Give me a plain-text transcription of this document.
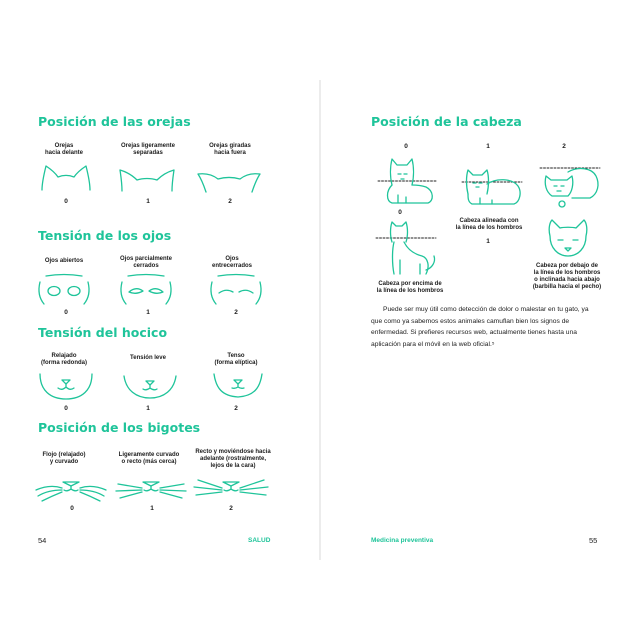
Posición de las orejas
Orejas
hacia delante
Orejas ligeramente
separadas
Orejas giradas
hacia fuera
0	1	2
Tensión de los ojos
Ojos abiertos	Ojos parcialmente
cerrados
Ojos
entrecerrados
0	1	2
Tensión del hocico
Relajado
(forma redonda)
Tensión leve	Tenso
(forma elíptica)
0	1	2
Posición de los bigotes
Flojo (relajado)
y curvado
Ligeramente curvado
o recto (más cerca)
Recto y moviéndose hacia
adelante (rostralmente,
lejos de la cara)
0	1	2
54	SALUD
Posición de la cabeza
0	1	2
0
Cabeza alineada con
la línea de los hombros
1
Cabeza por encima de
la línea de los hombros
Cabeza por debajo de
la línea de los hombros
o inclinada hacia abajo
(barbilla hacia el pecho)
Puede ser muy útil como detección de dolor o malestar en tu gato, ya que como ya sabemos estos animales camuflan bien los signos de enfermedad. Si prefieres recursos web, actualmente tienes hasta una aplicación para el móvil en la web oficial.⁵
Medicina preventiva	55
